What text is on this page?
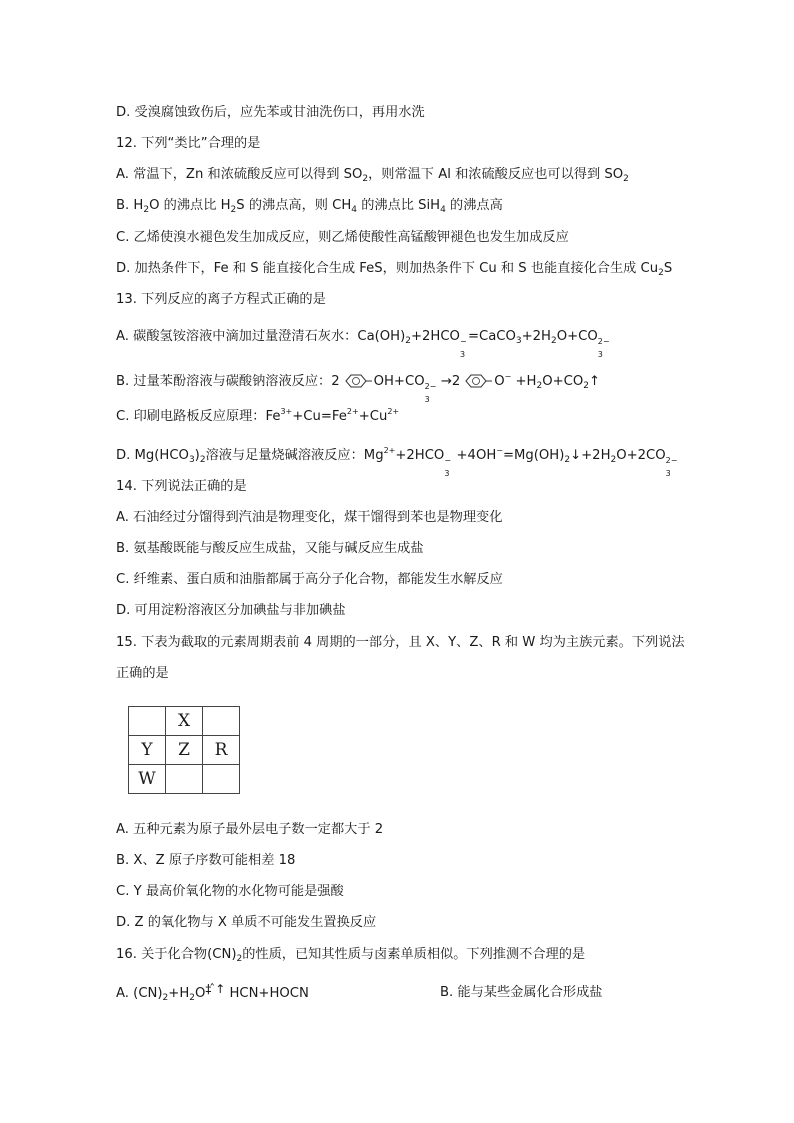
D. 受溴腐蚀致伤后，应先苯或甘油洗伤口，再用水洗
12. 下列“类比”合理的是
A. 常温下，Zn 和浓硫酸反应可以得到 $SO_2$，则常温下 Al 和浓硫酸反应也可以得到 $SO_2$
B. $H_2O$ 的沸点比 $H_2S$ 的沸点高，则 $CH_4$ 的沸点比 SiH$_4$ 的沸点高
C. 乙烯使溴水褪色发生加成反应，则乙烯使酸性高锰酸钾褪色也发生加成反应
D. 加热条件下，Fe 和 S 能直接化合生成 FeS，则加热条件下 Cu 和 S 也能直接化合生成 $Cu_2S$
13. 下列反应的离子方程式正确的是
A. 碳酸氢铵溶液中滴加过量澄清石灰水：$Ca(OH)_2+2HCO$ −
3
$=CaCO_3+2H_2O+CO$ 2−
3
B. 过量苯酚溶液与碳酸钠溶液反应：2	OH+CO 2−
3
→2	$O^- +H_2O+CO_2↑$
C. 印刷电路板反应原理：$Fe^{3+}+Cu=Fe^{2+}+Cu^{2+}$
D. $Mg(HCO_3)_2$溶液与足量烧碱溶液反应：$Mg^{2+}+2HCO$ −
3
$+4OH^-=Mg(OH)_2↓+2H_2O+2CO$ 2−
3
14. 下列说法正确的是
A. 石油经过分馏得到汽油是物理变化，煤干馏得到苯也是物理变化
B. 氨基酸既能与酸反应生成盐，又能与碱反应生成盐
C. 纤维素、蛋白质和油脂都属于高分子化合物，都能发生水解反应
D. 可用淀粉溶液区分加碘盐与非加碘盐
15. 下表为截取的元素周期表前 4 周期的一部分，且 X、Y、Z、R 和 W 均为主族元素。下列说法
正确的是
	X	
Y	Z	R
W		
A. 五种元素为原子最外层电子数一定都大于 2
B. X、Z 原子序数可能相差 18
C. Y 最高价氧化物的水化物可能是强酸
D. Z 的氧化物与 X 单质不可能发生置换反应
16. 关于化合物$(CN)_2$的性质，已知其性质与卤素单质相似。下列推测不合理的是
A. $(CN)_2+H_2O\ddagger$ ̂↑ HCN+HOCN	B. 能与某些金属化合形成盐
